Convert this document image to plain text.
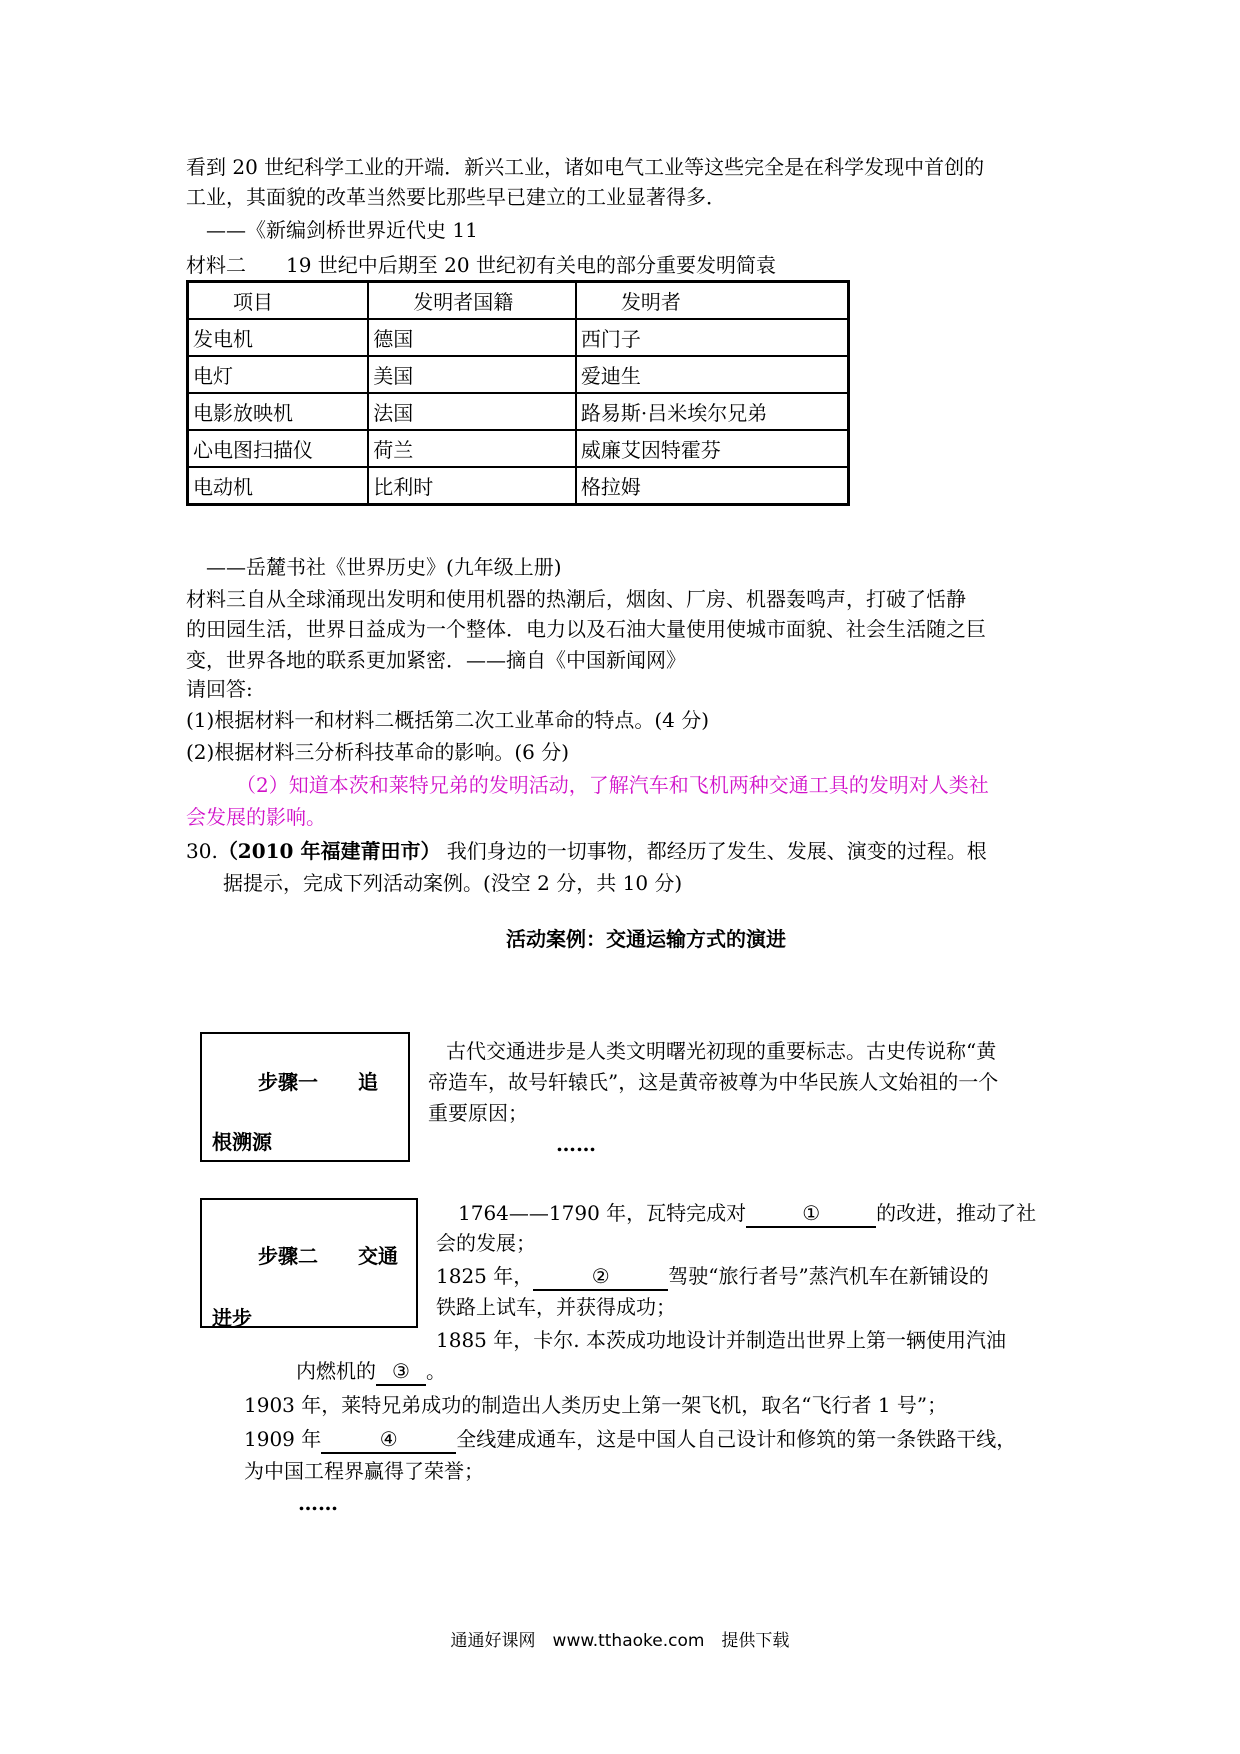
看到 20 世纪科学工业的开端．新兴工业，诸如电气工业等这些完全是在科学发现中首创的
工业，其面貌的改革当然要比那些早已建立的工业显著得多．
——《新编剑桥世界近代史 11
材料二　　19 世纪中后期至 20 世纪初有关电的部分重要发明简袁
项目	发明者国籍	发明者
发电机	德国	西门子
电灯	美国	爱迪生
电影放映机	法国	路易斯·吕米埃尔兄弟
心电图扫描仪	荷兰	威廉艾因特霍芬
电动机	比利时	格拉姆
——岳麓书社《世界历史》(九年级上册)
材料三自从全球涌现出发明和使用机器的热潮后，烟囱、厂房、机器轰鸣声，打破了恬静
的田园生活，世界日益成为一个整体．电力以及石油大量使用使城市面貌、社会生活随之巨
变，世界各地的联系更加紧密．——摘自《中国新闻网》
请回答:
(1)根据材料一和材料二概括第二次工业革命的特点。(4 分)
(2)根据材料三分析科技革命的影响。(6 分)
（2）知道本茨和莱特兄弟的发明活动，了解汽车和飞机两种交通工具的发明对人类社
会发展的影响。
30.（2010 年福建莆田市） 我们身边的一切事物，都经历了发生、发展、演变的过程。根
据提示，完成下列活动案例。(没空 2 分，共 10 分)
活动案例：交通运输方式的演进
步骤一　　追
根溯源
古代交通进步是人类文明曙光初现的重要标志。古史传说称“黄
帝造车，故号轩辕氏”，这是黄帝被尊为中华民族人文始祖的一个
重要原因；
……
步骤二　　交通
进步
1764——1790 年，瓦特完成对	①	的改进，推动了社
会的发展；
1825 年，	②	驾驶“旅行者号”蒸汽机车在新铺设的
铁路上试车，并获得成功；
1885 年，卡尔. 本茨成功地设计并制造出世界上第一辆使用汽油
内燃机的 ③ 。
1903 年，莱特兄弟成功的制造出人类历史上第一架飞机，取名“飞行者 1 号”；
1909 年	④	全线建成通车，这是中国人自己设计和修筑的第一条铁路干线，
为中国工程界赢得了荣誉；
……
通通好课网　www.tthaoke.com　提供下载
